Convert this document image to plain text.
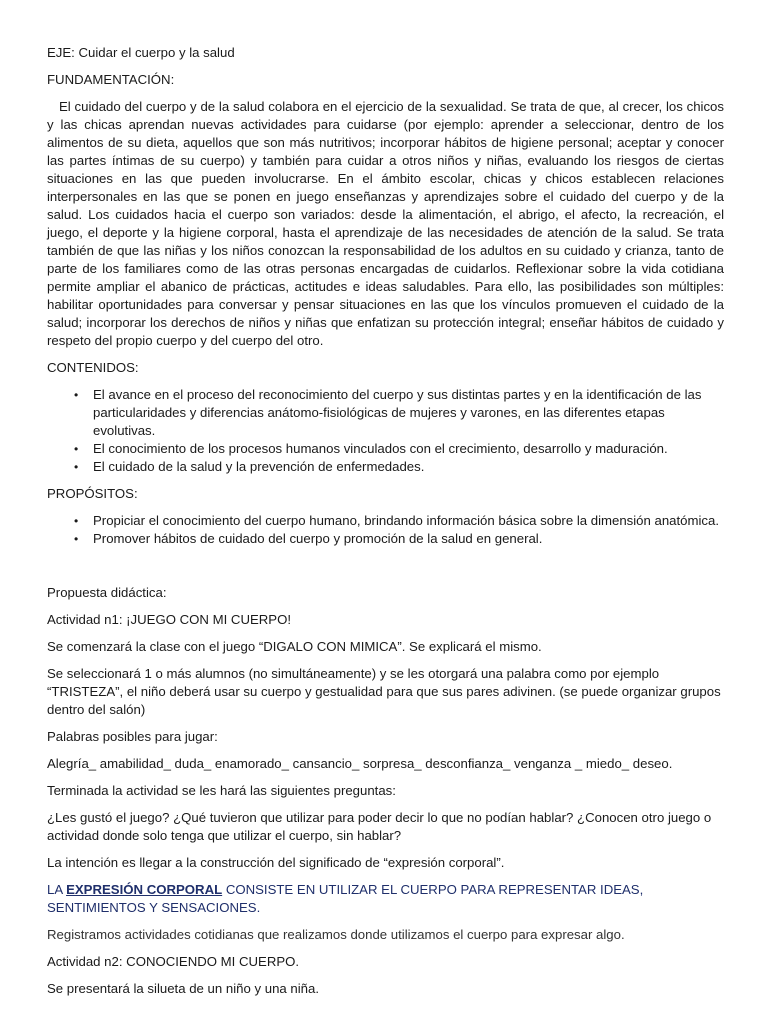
EJE: Cuidar el cuerpo y la salud

FUNDAMENTACIÓN:

El cuidado del cuerpo y de la salud colabora en el ejercicio de la sexualidad. Se trata de que, al crecer, los chicos y las chicas aprendan nuevas actividades para cuidarse (por ejemplo: aprender a seleccionar, dentro de los alimentos de su dieta, aquellos que son más nutritivos; incorporar hábitos de higiene personal; aceptar y conocer las partes íntimas de su cuerpo) y también para cuidar a otros niños y niñas, evaluando los riesgos de ciertas situaciones en las que pueden involucrarse. En el ámbito escolar, chicas y chicos establecen relaciones interpersonales en las que se ponen en juego enseñanzas y aprendizajes sobre el cuidado del cuerpo y de la salud. Los cuidados hacia el cuerpo son variados: desde la alimentación, el abrigo, el afecto, la recreación, el juego, el deporte y la higiene corporal, hasta el aprendizaje de las necesidades de atención de la salud. Se trata también de que las niñas y los niños conozcan la responsabilidad de los adultos en su cuidado y crianza, tanto de parte de los familiares como de las otras personas encargadas de cuidarlos. Reflexionar sobre la vida cotidiana permite ampliar el abanico de prácticas, actitudes e ideas saludables. Para ello, las posibilidades son múltiples: habilitar oportunidades para conversar y pensar situaciones en las que los vínculos promueven el cuidado de la salud; incorporar los derechos de niños y niñas que enfatizan su protección integral; enseñar hábitos de cuidado y respeto del propio cuerpo y del cuerpo del otro.

CONTENIDOS:

• El avance en el proceso del reconocimiento del cuerpo y sus distintas partes y en la identificación de las particularidades y diferencias anátomo-fisiológicas de mujeres y varones, en las diferentes etapas evolutivas.
• El conocimiento de los procesos humanos vinculados con el crecimiento, desarrollo y maduración.
• El cuidado de la salud y la prevención de enfermedades.

PROPÓSITOS:

• Propiciar el conocimiento del cuerpo humano, brindando información básica sobre la dimensión anatómica.
• Promover hábitos de cuidado del cuerpo y promoción de la salud en general.

Propuesta didáctica:

Actividad n1: ¡JUEGO CON MI CUERPO!

Se comenzará la clase con el juego “DIGALO CON MIMICA”. Se explicará el mismo.

Se seleccionará 1 o más alumnos (no simultáneamente) y se les otorgará una palabra como por ejemplo “TRISTEZA”, el niño deberá usar su cuerpo y gestualidad para que sus pares adivinen. (se puede organizar grupos dentro del salón)

Palabras posibles para jugar:

Alegría_ amabilidad_ duda_ enamorado_ cansancio_ sorpresa_ desconfianza_ venganza _ miedo_ deseo.

Terminada la actividad se les hará las siguientes preguntas:

¿Les gustó el juego? ¿Qué tuvieron que utilizar para poder decir lo que no podían hablar? ¿Conocen otro juego o actividad donde solo tenga que utilizar el cuerpo, sin hablar?

La intención es llegar a la construcción del significado de “expresión corporal”.

LA EXPRESIÓN CORPORAL CONSISTE EN UTILIZAR EL CUERPO PARA REPRESENTAR IDEAS, SENTIMIENTOS Y SENSACIONES.

Registramos actividades cotidianas que realizamos donde utilizamos el cuerpo para expresar algo.

Actividad n2: CONOCIENDO MI CUERPO.

Se presentará la silueta de un niño y una niña.
